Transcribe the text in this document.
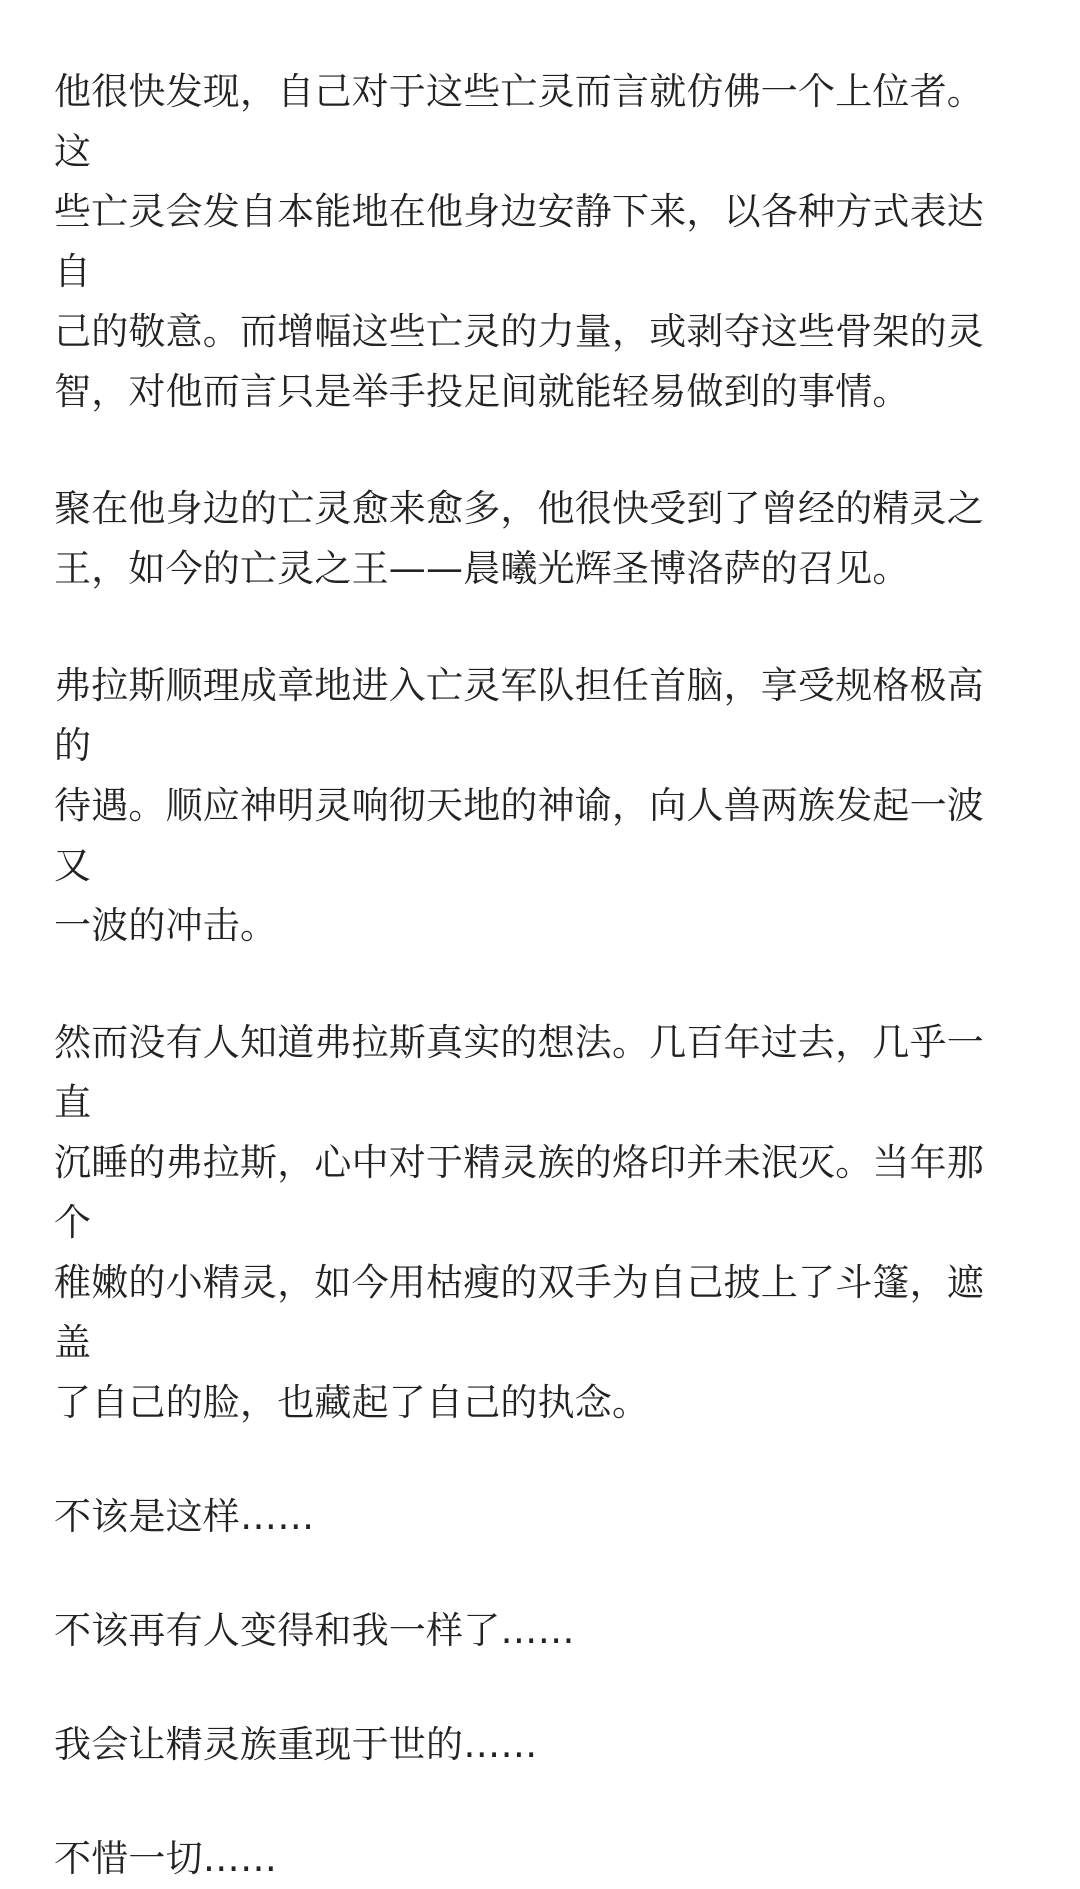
他很快发现，自己对于这些亡灵而言就仿佛一个上位者。这
些亡灵会发自本能地在他身边安静下来，以各种方式表达自
己的敬意。而增幅这些亡灵的力量，或剥夺这些骨架的灵
智，对他而言只是举手投足间就能轻易做到的事情。

聚在他身边的亡灵愈来愈多，他很快受到了曾经的精灵之
王，如今的亡灵之王——晨曦光辉圣博洛萨的召见。

弗拉斯顺理成章地进入亡灵军队担任首脑，享受规格极高的
待遇。顺应神明灵响彻天地的神谕，向人兽两族发起一波又
一波的冲击。

然而没有人知道弗拉斯真实的想法。几百年过去，几乎一直
沉睡的弗拉斯，心中对于精灵族的烙印并未泯灭。当年那个
稚嫩的小精灵，如今用枯瘦的双手为自己披上了斗篷，遮盖
了自己的脸，也藏起了自己的执念。

不该是这样……

不该再有人变得和我一样了……

我会让精灵族重现于世的……

不惜一切……
